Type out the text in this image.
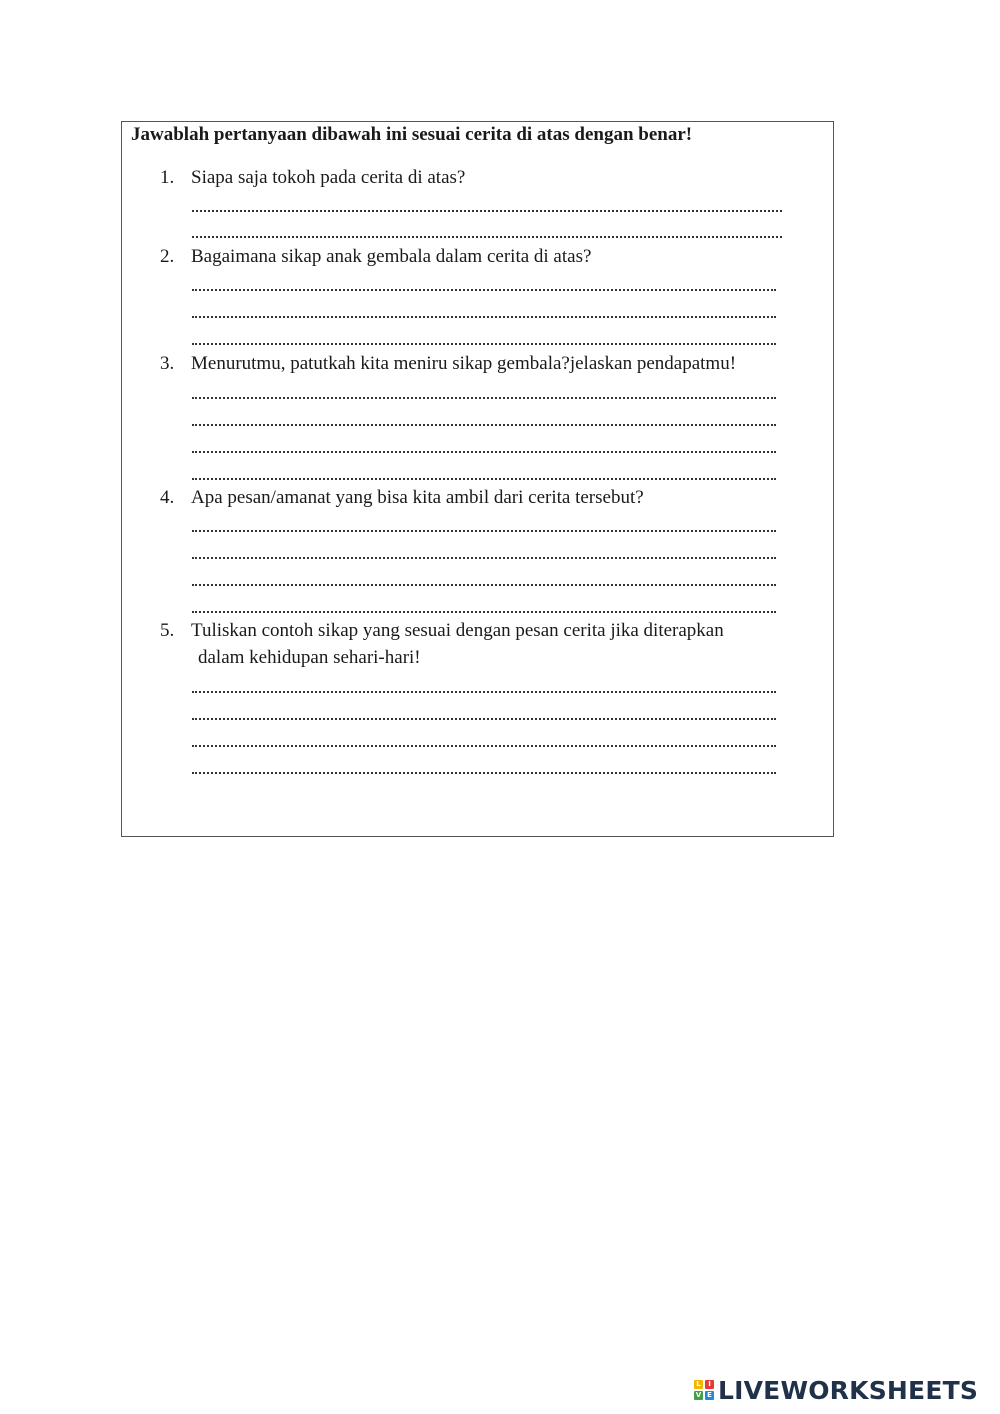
Jawablah pertanyaan dibawah ini sesuai cerita di atas dengan benar!
1. Siapa saja tokoh pada cerita di atas?
2. Bagaimana sikap anak gembala dalam cerita di atas?
3. Menurutmu, patutkah kita meniru sikap gembala?jelaskan pendapatmu!
4. Apa pesan/amanat yang bisa kita ambil dari cerita tersebut?
5. Tuliskan contoh sikap yang sesuai dengan pesan cerita jika diterapkan
dalam kehidupan sehari-hari!
L	I
V E LIVEWORKSHEETS
